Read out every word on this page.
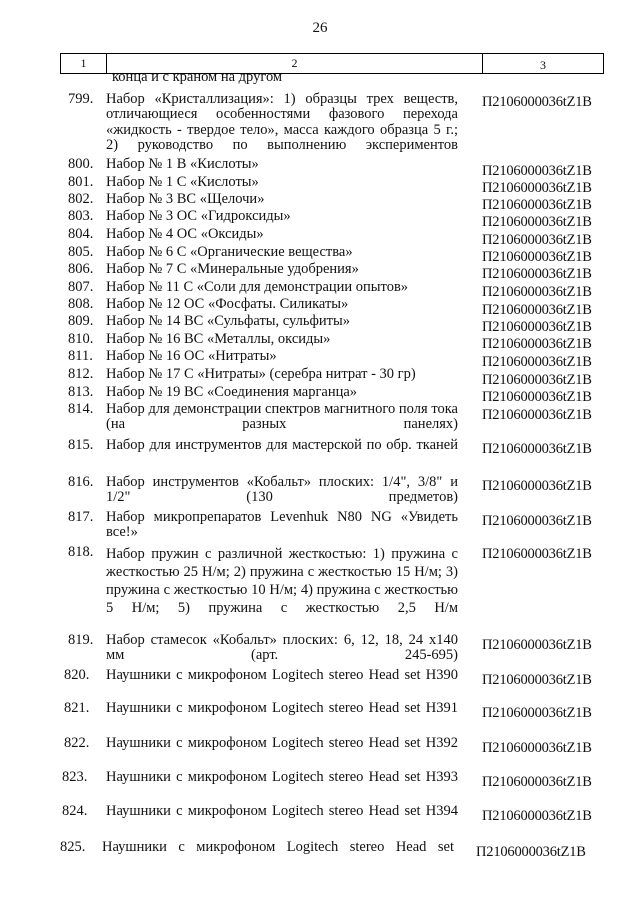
26
1	2	3
конца и с краном на другом
799. Набор «Кристаллизация»: 1) образцы трех веществ, отличающиеся особенностями фазового перехода «жидкость - твердое тело», масса каждого образца 5 г.; 2) руководство по выполнению экспериментов
П2106000036tZ1B
800. Набор № 1 В «Кислоты»	П2106000036tZ1B
801. Набор № 1 С «Кислоты»	П2106000036tZ1B
802. Набор № 3 ВС «Щелочи»	П2106000036tZ1B
803. Набор № 3 ОС «Гидроксиды»	П2106000036tZ1B
804. Набор № 4 ОС «Оксиды»	П2106000036tZ1B
805. Набор № 6 С «Органические вещества»	П2106000036tZ1B
806. Набор № 7 С «Минеральные удобрения»	П2106000036tZ1B
807. Набор № 11 С «Соли для демонстрации опытов»	П2106000036tZ1B
808. Набор № 12 ОС «Фосфаты. Силикаты»	П2106000036tZ1B
809. Набор № 14 ВС «Сульфаты, сульфиты»	П2106000036tZ1B
810. Набор № 16 ВС «Металлы, оксиды»	П2106000036tZ1B
811. Набор № 16 ОС «Нитраты»	П2106000036tZ1B
812. Набор № 17 С «Нитраты» (серебра нитрат - 30 гр)	П2106000036tZ1B
813. Набор № 19 ВС «Соединения марганца»	П2106000036tZ1B
814. Набор для демонстрации спектров магнитного поля тока (на разных панелях)
П2106000036tZ1B
815. Набор для инструментов для мастерской по обр. тканей П2106000036tZ1B
816. Набор инструментов «Кобальт» плоских: 1/4", 3/8" и 1/2" (130 предметов)
П2106000036tZ1B
817. Набор микропрепаратов Levenhuk N80 NG «Увидеть все!»
П2106000036tZ1B
818. Набор пружин с различной жесткостью: 1) пружина с жесткостью 25 Н/м; 2) пружина с жесткостью 15 Н/м; 3) пружина с жесткостью 10 Н/м; 4) пружина с жесткостью 5 Н/м; 5) пружина с жесткостью 2,5 Н/м
П2106000036tZ1B
819. Набор стамесок «Кобальт» плоских: 6, 12, 18, 24 x140 мм (арт. 245-695)
П2106000036tZ1B
820.	Наушники с микрофоном Logitech stereo Head set H390 П2106000036tZ1B
821.	Наушники с микрофоном Logitech stereo Head set H391 П2106000036tZ1B
822.	Наушники с микрофоном Logitech stereo Head set H392 П2106000036tZ1B
823.	Наушники с микрофоном Logitech stereo Head set H393 П2106000036tZ1B
824.	Наушники с микрофоном Logitech stereo Head set H394 П2106000036tZ1B
825.	Наушники с микрофоном Logitech stereo Head set П2106000036tZ1B
